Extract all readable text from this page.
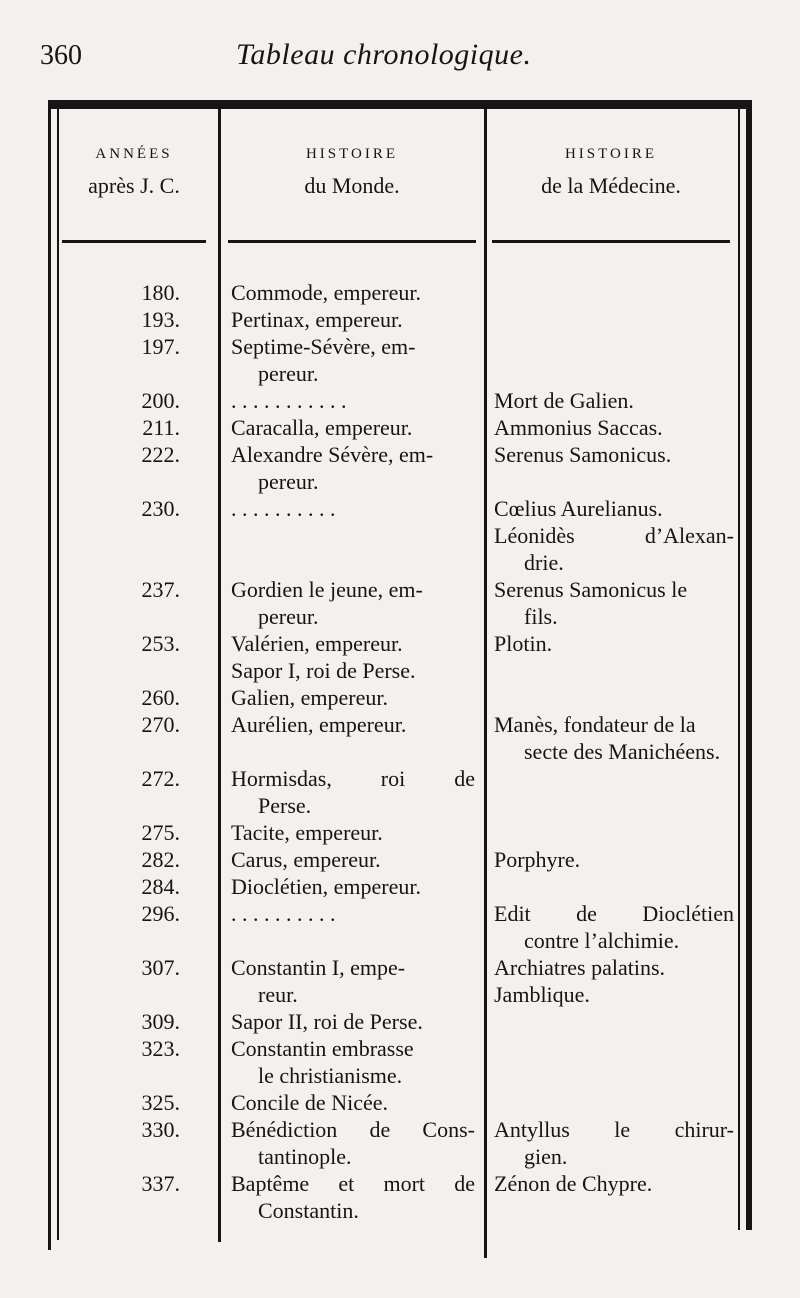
360	Tableau chronologique.
ANNÉES
après J. C.
HISTOIRE
du Monde.
HISTOIRE
de la Médecine.
180.
193.
197.
200.
211.
222.
230.
237.
253.
260.
270.
272.
275.
282.
284.
296.
307.
309.
323.
325.
330.
337.
Commode, empereur.
Pertinax, empereur.
Septime-Sévère, em-
pereur.
. . . . . . . . . . .
Caracalla, empereur.
Alexandre Sévère, em-
pereur.
. . . . . . . . . .
Gordien le jeune, em-
pereur.
Valérien, empereur.
Sapor I, roi de Perse.
Galien, empereur.
Aurélien, empereur.
Hormisdas, roi de
Perse.
Tacite, empereur.
Carus, empereur.
Dioclétien, empereur.
. . . . . . . . . .
Constantin I, empe-
reur.
Sapor II, roi de Perse.
Constantin embrasse
le christianisme.
Concile de Nicée.
Bénédiction de Cons-
tantinople.
Baptême et mort de
Constantin.
Mort de Galien.
Ammonius Saccas.
Serenus Samonicus.
Cœlius Aurelianus.
Léonidès d’Alexan-
drie.
Serenus Samonicus le
fils.
Plotin.
Manès, fondateur de la
secte des Manichéens.
Porphyre.
Edit de Dioclétien
contre l’alchimie.
Archiatres palatins.
Jamblique.
Antyllus le chirur-
gien.
Zénon de Chypre.
